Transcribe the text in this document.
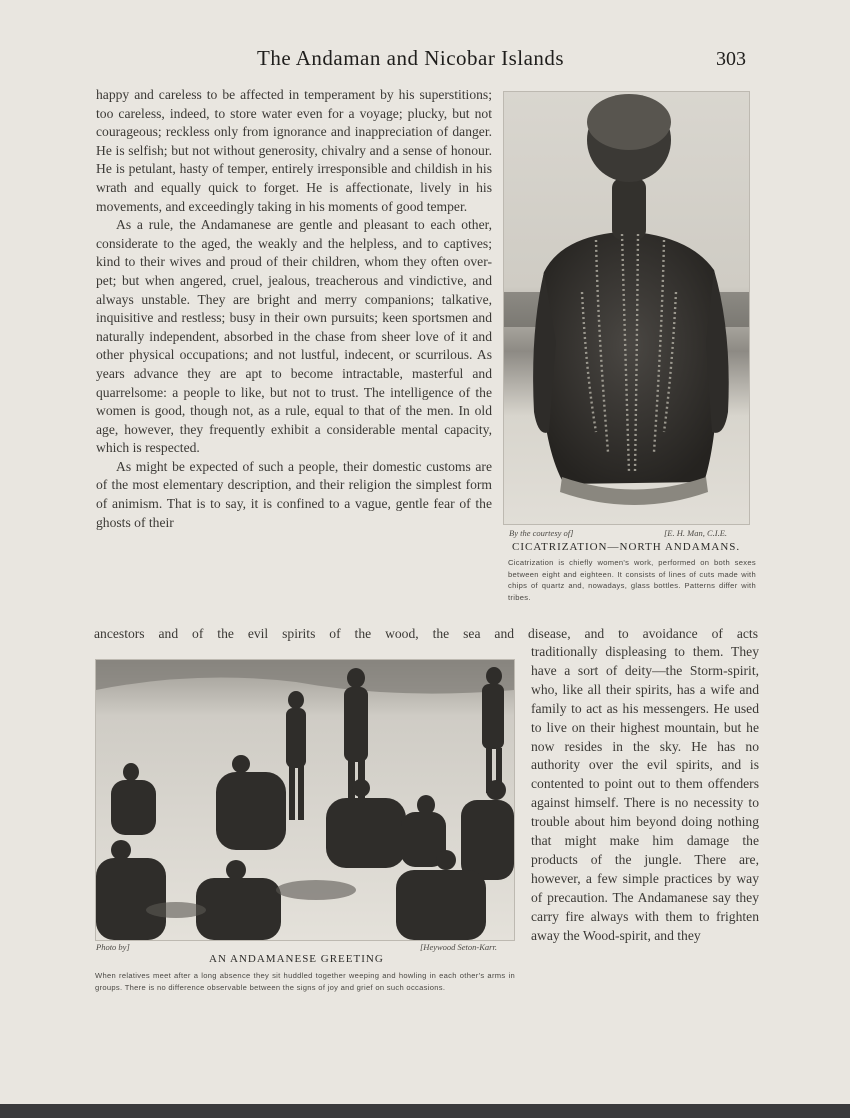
The Andaman and Nicobar Islands	303

happy and careless to be affected in temperament by his superstitions; too careless, indeed, to store water even for a voyage; plucky, but not courageous; reckless only from ignorance and inappreciation of danger. He is selfish; but not without generosity, chivalry and a sense of honour. He is petulant, hasty of temper, entirely irresponsible and childish in his wrath and equally quick to forget. He is affectionate, lively in his movements, and exceedingly taking in his moments of good temper.

As a rule, the Andamanese are gentle and pleasant to each other, considerate to the aged, the weakly and the helpless, and to captives; kind to their wives and proud of their children, whom they often over-pet; but when angered, cruel, jealous, treacherous and vindictive, and always unstable. They are bright and merry companions; talkative, inquisitive and restless; busy in their own pursuits; keen sportsmen and naturally independent, absorbed in the chase from sheer love of it and other physical occupations; and not lustful, indecent, or scurrilous. As years advance they are apt to become intractable, masterful and quarrelsome: a people to like, but not to trust. The intelligence of the women is good, though not, as a rule, equal to that of the men. In old age, however, they frequently exhibit a considerable mental capacity, which is respected.

As might be expected of such a people, their domestic customs are of the most elementary description, and their religion the simplest form of animism. That is to say, it is confined to a vague, gentle fear of the ghosts of their

By the courtesy of]	[E. H. Man, C.I.E.
CICATRIZATION—NORTH ANDAMANS.
Cicatrization is chiefly women's work, performed on both sexes between eight and eighteen. It consists of lines of cuts made with chips of quartz and, nowadays, glass bottles. Patterns differ with tribes.
ancestors and of the evil spirits of the wood, the sea and disease, and to avoidance of acts
Photo by]	[Heywood Seton-Karr.
AN ANDAMANESE GREETING
When relatives meet after a long absence they sit huddled together weeping and howling in each other's arms in groups. There is no difference observable between the signs of joy and grief on such occasions.
traditionally displeasing to them. They have a sort of deity—the Storm-spirit, who, like all their spirits, has a wife and family to act as his messengers. He used to live on their highest mountain, but he now resides in the sky. He has no authority over the evil spirits, and is contented to point out to them offenders against himself. There is no necessity to trouble about him beyond doing nothing that might make him damage the products of the jungle. There are, however, a few simple practices by way of precaution. The Andamanese say they carry fire always with them to frighten away the Wood-spirit, and they
